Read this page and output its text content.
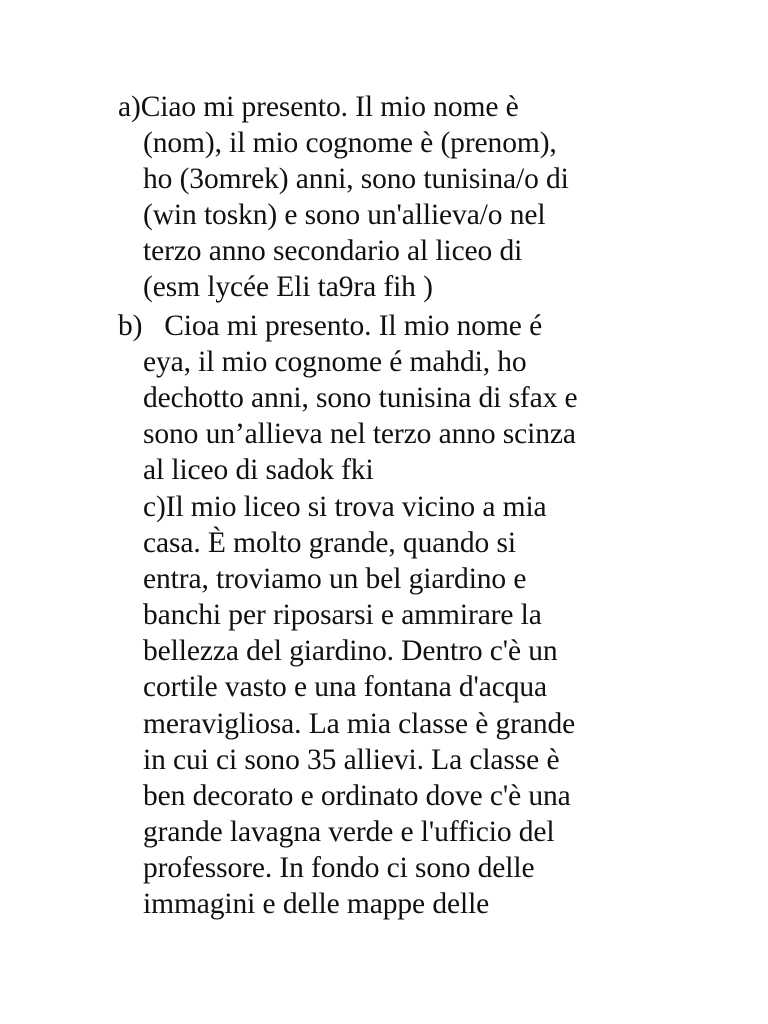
a)Ciao mi presento. Il mio nome è
(nom), il mio cognome è (prenom),
ho (3omrek) anni, sono tunisina/o di
(win toskn) e sono un'allieva/o nel
terzo anno secondario al liceo di
(esm lycée Eli ta9ra fih )
b)   Cioa mi presento. Il mio nome é
eya, il mio cognome é mahdi, ho
dechotto anni, sono tunisina di sfax e
sono un’allieva nel terzo anno scinza
al liceo di sadok fki
c)Il mio liceo si trova vicino a mia
casa. È molto grande, quando si
entra, troviamo un bel giardino e
banchi per riposarsi e ammirare la
bellezza del giardino. Dentro c'è un
cortile vasto e una fontana d'acqua
meravigliosa. La mia classe è grande
in cui ci sono 35 allievi. La classe è
ben decorato e ordinato dove c'è una
grande lavagna verde e l'ufficio del
professore. In fondo ci sono delle
immagini e delle mappe delle
